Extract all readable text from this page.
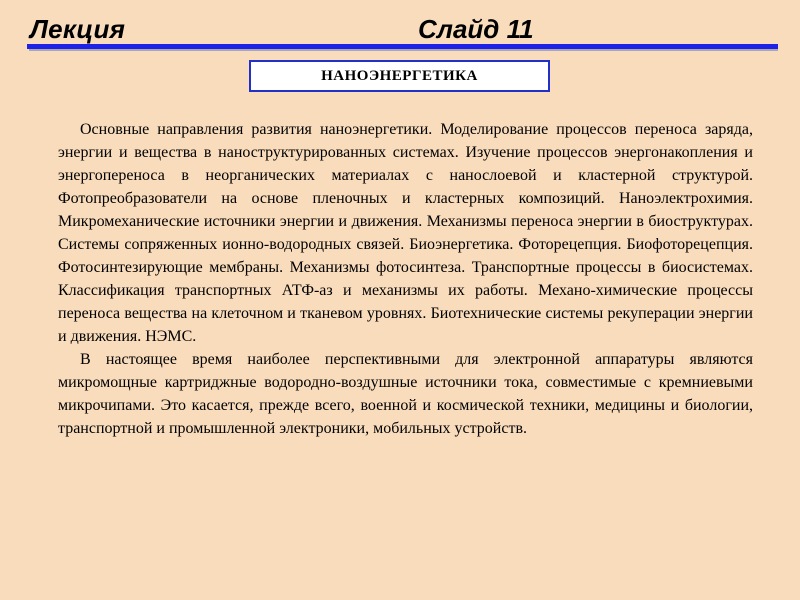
Лекция	Слайд 11
НАНОЭНЕРГЕТИКА

Основные направления развития наноэнергетики. Моделирование процессов переноса заряда, энергии и вещества в наноструктурированных системах. Изучение процессов энергонакопления и энергопереноса в неорганических материалах с нанослоевой и кластерной структурой. Фотопреобразователи на основе пленочных и кластерных композиций. Наноэлектрохимия. Микромеханические источники энергии и движения. Механизмы переноса энергии в биоструктурах. Системы сопряженных ионно-водородных связей. Биоэнергетика. Фоторецепция. Биофоторецепция. Фотосинтезирующие мембраны. Механизмы фотосинтеза. Транспортные процессы в биосистемах. Классификация транспортных АТФ-аз и механизмы их работы. Механо-химические процессы переноса вещества на клеточном и тканевом уровнях. Биотехнические системы рекуперации энергии и движения. НЭМС.

В настоящее время наиболее перспективными для электронной аппаратуры являются микромощные картриджные водородно-воздушные источники тока, совместимые с кремниевыми микрочипами. Это касается, прежде всего, военной и космической техники, медицины и биологии, транспортной и промышленной электроники, мобильных устройств.
